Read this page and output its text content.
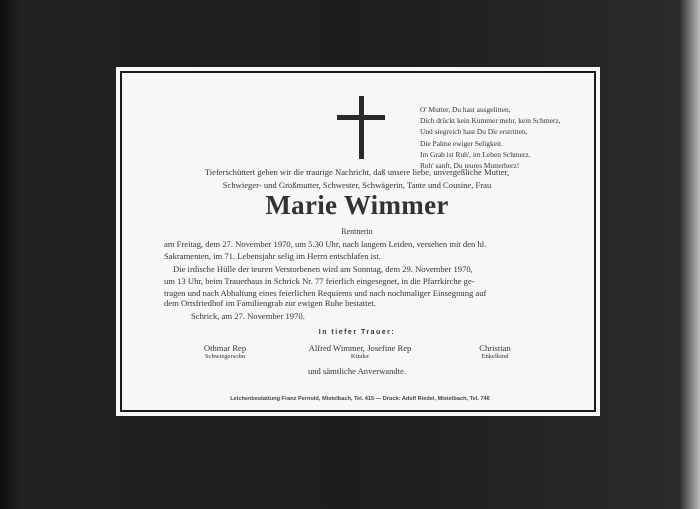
O' Mutter, Du hast ausgelitten,
Dich drückt kein Kummer mehr, kein Schmerz,
Und siegreich hast Du Dir erstritten,
Die Palme ewiger Seligkeit.
Im Grab ist Ruh', im Leben Schmerz.
Ruh' sanft, Du teures Mutterherz!
Tieferschüttert geben wir die traurige Nachricht, daß unsere liebe, unvergeßliche Mutter,
Schwieger- und Großmutter, Schwester, Schwägerin, Tante und Cousine, Frau
Marie Wimmer
Rentnerin
am Freitag, dem 27. November 1970, um 5.30 Uhr, nach langem Leiden, versehen mit den hl.
Sakramenten, im 71. Lebensjahr selig im Herrn entschlafen ist.
Die irdische Hülle der teuren Verstorbenen wird am Sonntag, dem 29. November 1970,
um 13 Uhr, beim Trauerhaus in Schrick Nr. 77 feierlich eingesegnet, in die Pfarrkirche ge-
tragen und nach Abhaltung eines feierlichen Requiems und nach nochmaliger Einsegnung auf
dem Ortsfriedhof im Familiengrab zur ewigen Ruhe bestattet.
Schrick, am 27. November 1970.
In tiefer Trauer:
Othmar Rep
Schwiegersohn
Alfred Wimmer, Josefine Rep
Kinder
Christian
Enkelkind
und sämtliche Anverwandte.
Leichenbestattung Franz Pernold, Mistelbach, Tel. 415 — Druck: Adolf Riedel, Mistelbach, Tel. 746
